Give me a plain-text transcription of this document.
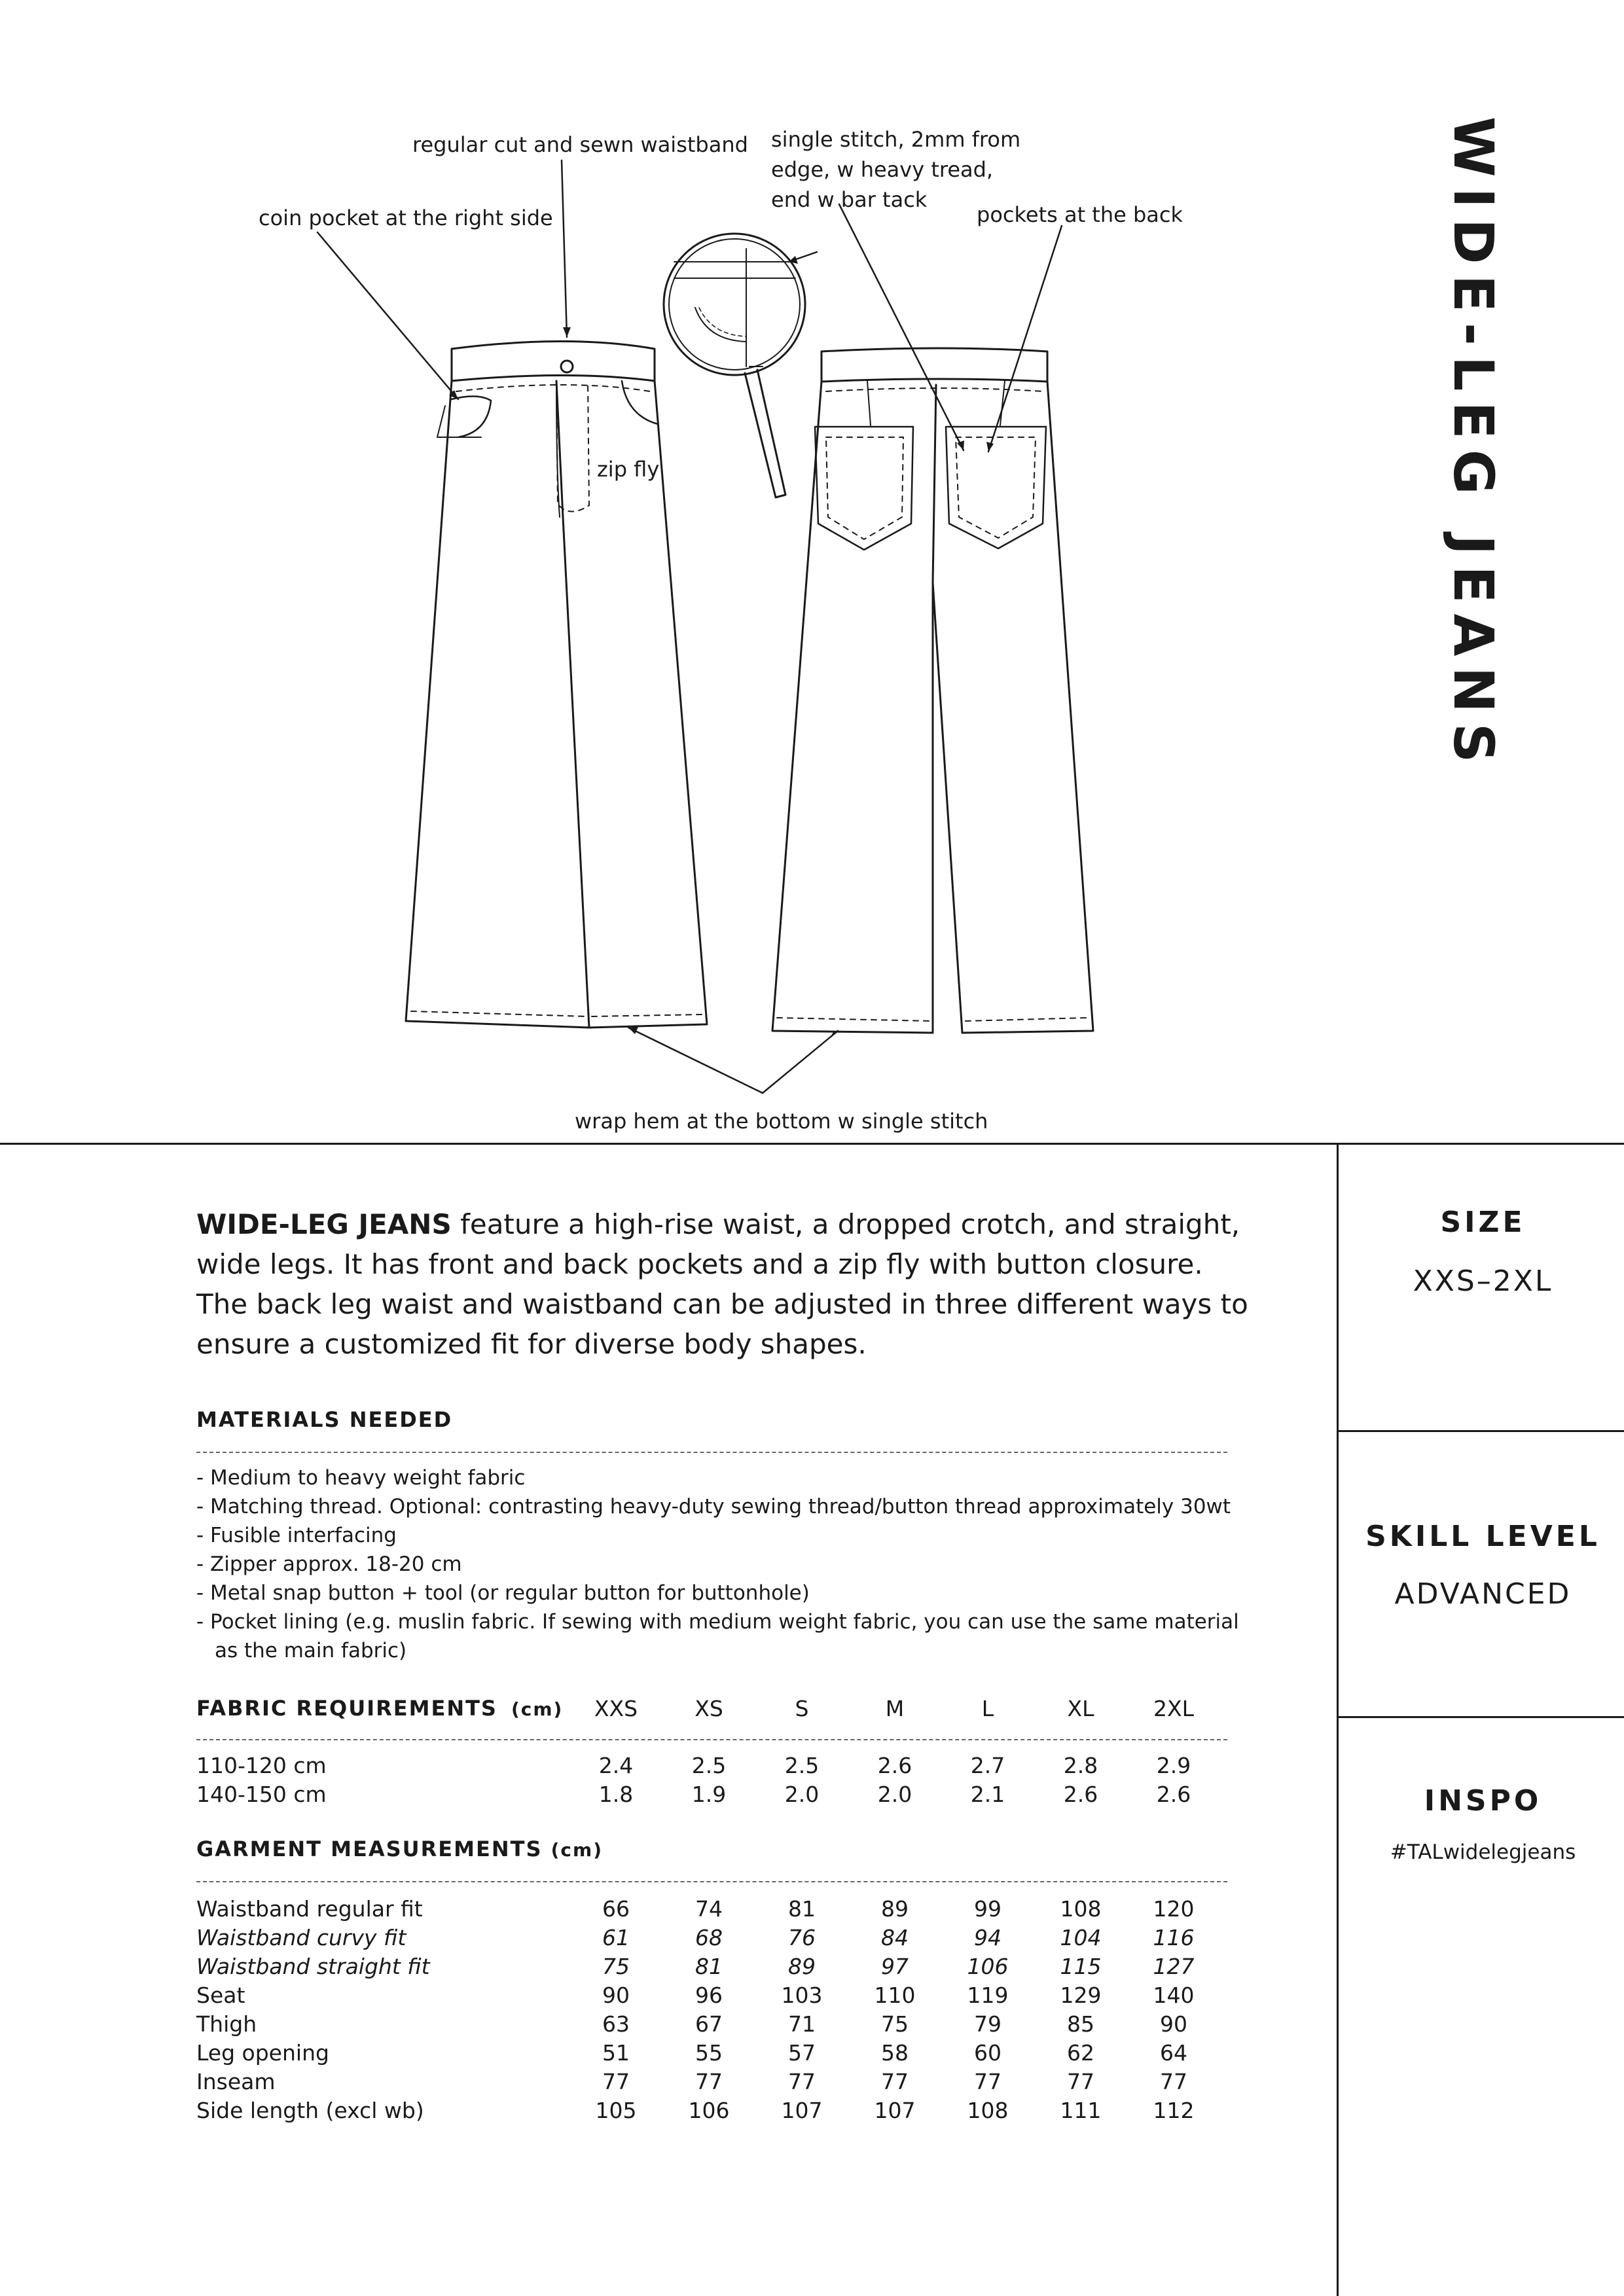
regular cut and sewn waistband
coin pocket at the right side
single stitch, 2mm from
edge, w heavy tread,
end w bar tack
pockets at the back
zip fly
wrap hem at the bottom w single stitch
WIDE-LEG JEANS
WIDE-LEG JEANS feature a high-rise waist, a dropped crotch, and straight, wide legs. It has front and back pockets and a zip fly with button closure. The back leg waist and waistband can be adjusted in three different ways to ensure a customized fit for diverse body shapes.
MATERIALS NEEDED
- Medium to heavy weight fabric
- Matching thread. Optional: contrasting heavy-duty sewing thread/button thread approximately 30wt
- Fusible interfacing
- Zipper approx. 18-20 cm
- Metal snap button + tool (or regular button for buttonhole)
- Pocket lining (e.g. muslin fabric. If sewing with medium weight fabric, you can use the same material as the main fabric)
FABRIC REQUIREMENTS (cm)	XXS	XS	S	M	L	XL	2XL
110-120 cm	2.4	2.5	2.5	2.6	2.7	2.8	2.9
140-150 cm	1.8	1.9	2.0	2.0	2.1	2.6	2.6
GARMENT MEASUREMENTS (cm)
Waistband regular fit	66	74	81	89	99	108	120
Waistband curvy fit	61	68	76	84	94	104	116
Waistband straight fit	75	81	89	97	106	115	127
Seat	90	96	103	110	119	129	140
Thigh	63	67	71	75	79	85	90
Leg opening	51	55	57	58	60	62	64
Inseam	77	77	77	77	77	77	77
Side length (excl wb)	105	106	107	107	108	111	112
SIZE
XXS–2XL
SKILL LEVEL
ADVANCED
INSPO
#TALwidelegjeans
